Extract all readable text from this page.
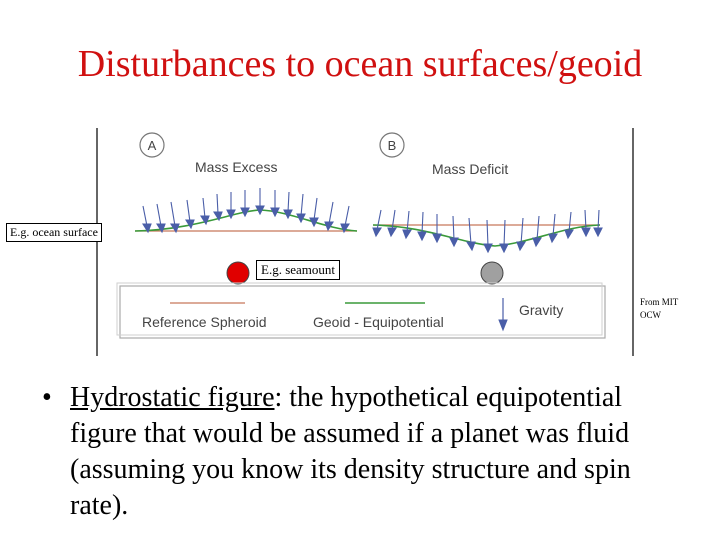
Disturbances to ocean surfaces/geoid
A
Mass Excess
B
Mass Deficit
Reference Spheroid	Geoid - Equipotential
Gravity
E.g. ocean surface
E.g. seamount
From MIT OCW
• Hydrostatic figure: the hypothetical equipotential figure that would be assumed if a planet was fluid (assuming you know its density structure and spin rate).
